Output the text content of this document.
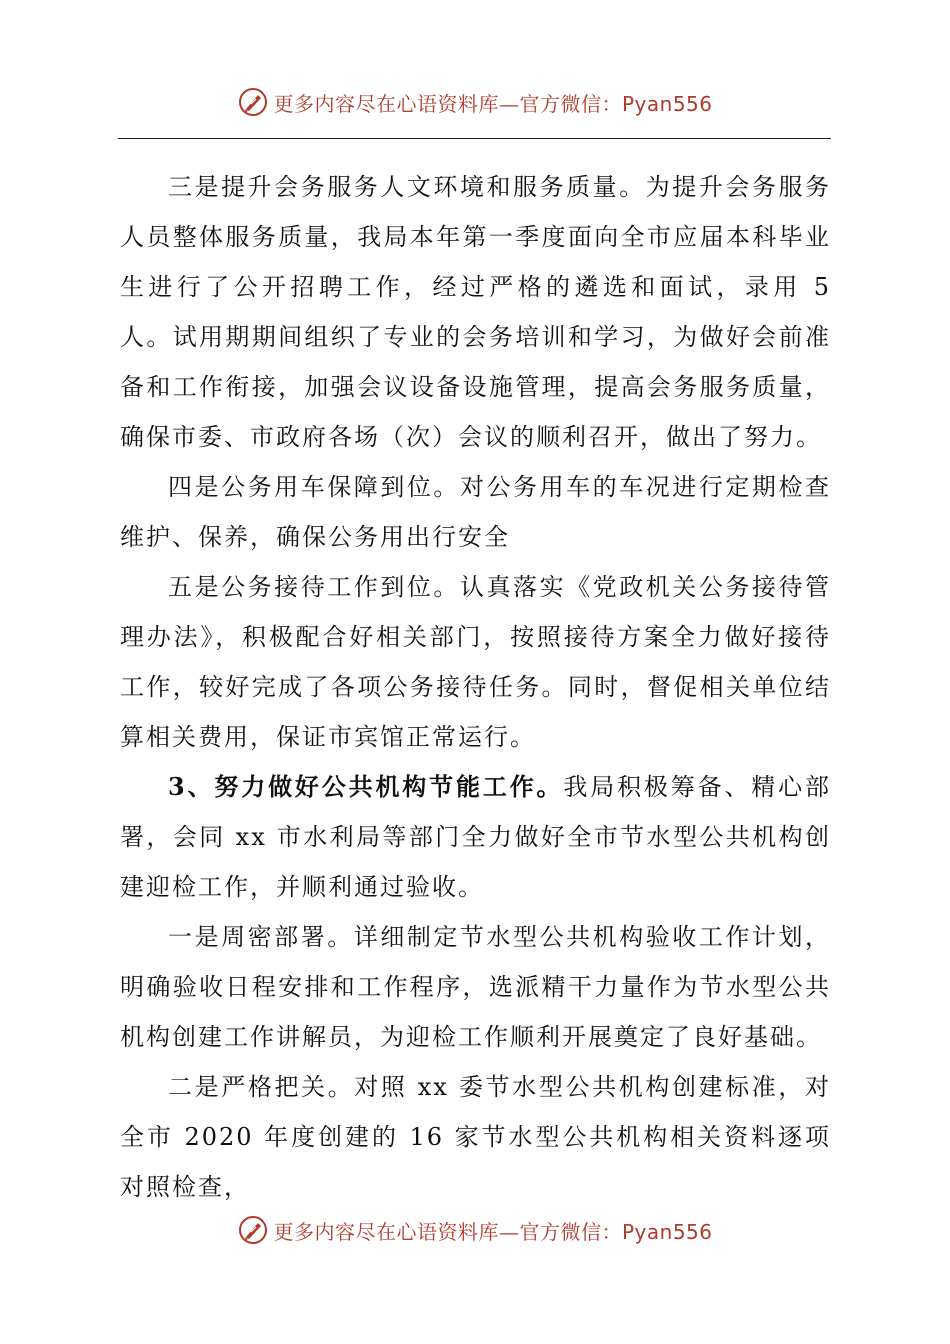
更多内容尽在心语资料库—官方微信：Pyan556

三是提升会务服务人文环境和服务质量。为提升会务服务人员整体服务质量，我局本年第一季度面向全市应届本科毕业生进行了公开招聘工作，经过严格的遴选和面试，录用 5 人。试用期期间组织了专业的会务培训和学习，为做好会前准备和工作衔接，加强会议设备设施管理，提高会务服务质量，确保市委、市政府各场（次）会议的顺利召开，做出了努力。

四是公务用车保障到位。对公务用车的车况进行定期检查维护、保养，确保公务用出行安全

五是公务接待工作到位。认真落实《党政机关公务接待管理办法》，积极配合好相关部门，按照接待方案全力做好接待工作，较好完成了各项公务接待任务。同时，督促相关单位结算相关费用，保证市宾馆正常运行。

3、努力做好公共机构节能工作。我局积极筹备、精心部署，会同 xx 市水利局等部门全力做好全市节水型公共机构创建迎检工作，并顺利通过验收。

一是周密部署。详细制定节水型公共机构验收工作计划，明确验收日程安排和工作程序，选派精干力量作为节水型公共机构创建工作讲解员，为迎检工作顺利开展奠定了良好基础。

二是严格把关。对照 xx 委节水型公共机构创建标准，对全市 2020 年度创建的 16 家节水型公共机构相关资料逐项对照检查，

更多内容尽在心语资料库—官方微信：Pyan556
